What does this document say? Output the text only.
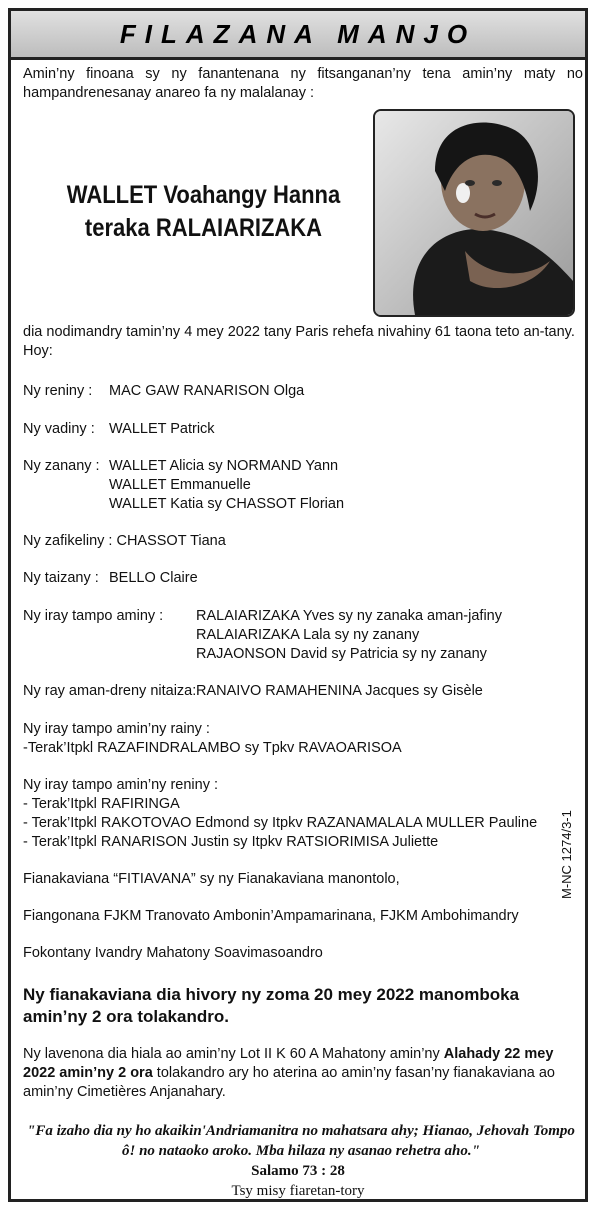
FILAZANA MANJO
Amin’ny finoana sy ny fanantenana ny fitsanganan’ny tena amin’ny maty no hampandrenesanay anareo fa ny malalanay :
WALLET Voahangy Hanna
teraka RALAIARIZAKA
dia nodimandry tamin’ny 4 mey 2022 tany Paris rehefa nivahiny 61 taona teto an-tany.
Hoy:
Ny reniny : MAC GAW RANARISON Olga
Ny vadiny : WALLET Patrick
Ny zanany : WALLET Alicia sy NORMAND Yann
WALLET Emmanuelle
WALLET Katia sy CHASSOT Florian
Ny zafikeliny : CHASSOT Tiana
Ny taizany : BELLO Claire
Ny iray tampo aminy : RALAIARIZAKA Yves sy ny zanaka aman-jafiny
RALAIARIZAKA Lala sy ny zanany
RAJAONSON David sy Patricia sy ny zanany
Ny ray aman-dreny nitaiza: RANAIVO RAMAHENINA Jacques sy Gisèle
Ny iray tampo amin’ny rainy :
-Terak’Itpkl RAZAFINDRALAMBO sy Tpkv RAVAOARISOA
Ny iray tampo amin’ny reniny :
- Terak’Itpkl RAFIRINGA
- Terak’Itpkl RAKOTOVAO Edmond sy Itpkv RAZANAMALALA MULLER Pauline
- Terak’Itpkl RANARISON Justin sy Itpkv RATSIORIMISA Juliette
Fianakaviana “FITIAVANA” sy ny Fianakaviana manontolo,
Fiangonana FJKM Tranovato Ambonin’Ampamarinana, FJKM Ambohimandry
Fokontany Ivandry Mahatony Soavimasoandro
Ny fianakaviana dia hivory ny zoma 20 mey 2022 manomboka amin’ny 2 ora tolakandro.
Ny lavenona dia hiala ao amin’ny Lot II K 60 A Mahatony amin’ny Alahady 22 mey 2022 amin’ny 2 ora tolakandro ary ho aterina ao amin’ny fasan’ny fianakaviana ao amin’ny Cimetières Anjanahary.
M-NC 1274/3-1
"Fa izaho dia ny ho akaikin'Andriamanitra no mahatsara ahy; Hianao, Jehovah Tompo ô! no nataoko aroko. Mba hilaza ny asanao rehetra aho."
Salamo 73 : 28
Tsy misy fiaretan-tory
